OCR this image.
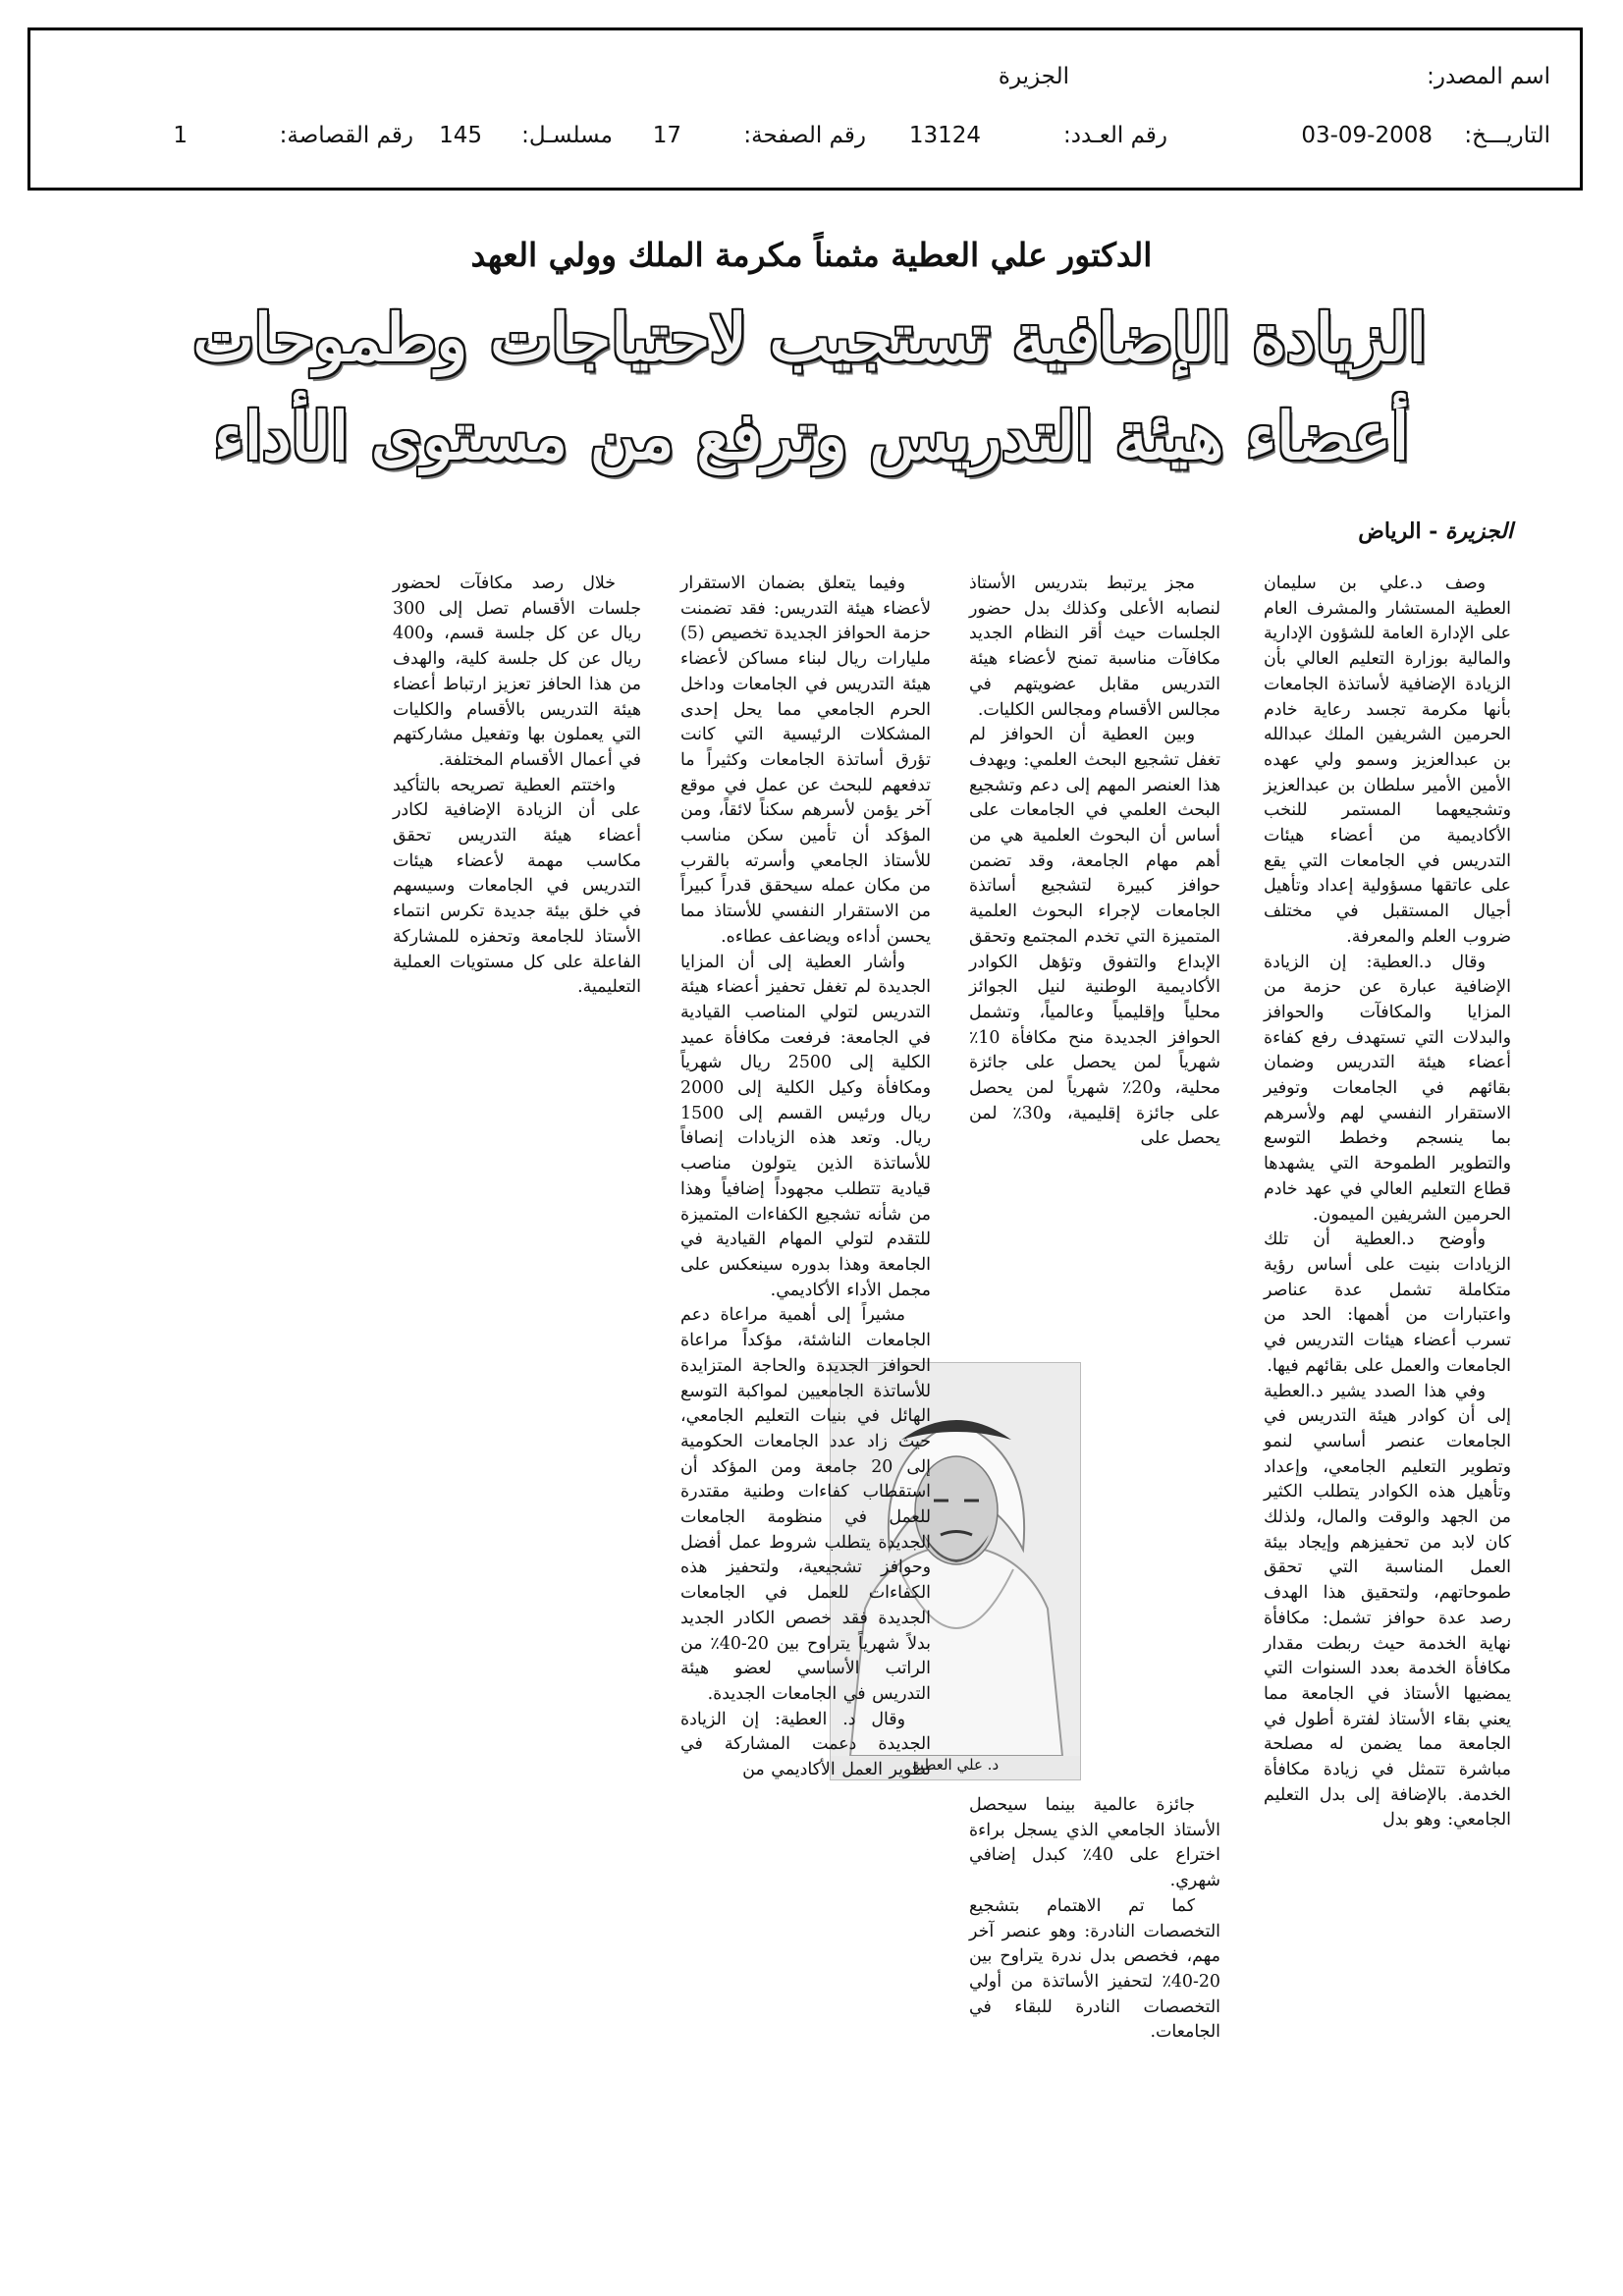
اسم المصدر:
الجزيرة
التاريـــخ:
03-09-2008
رقم العـدد:
13124
رقم الصفحة:
17
مسلسـل:
145
رقم القصاصة:
1
الدكتور علي العطية مثمناً مكرمة الملك وولي العهد
الزيادة الإضافية تستجيب لاحتياجات وطموحات
أعضاء هيئة التدريس وترفع من مستوى الأداء
الجزيرة - الرياض

وصف د.علي بن سليمان العطية المستشار والمشرف العام على الإدارة العامة للشؤون الإدارية والمالية بوزارة التعليم العالي بأن الزيادة الإضافية لأساتذة الجامعات بأنها مكرمة تجسد رعاية خادم الحرمين الشريفين الملك عبدالله بن عبدالعزيز وسمو ولي عهده الأمين الأمير سلطان بن عبدالعزيز وتشجيعهما المستمر للنخب الأكاديمية من أعضاء هيئات التدريس في الجامعات التي يقع على عاتقها مسؤولية إعداد وتأهيل أجيال المستقبل في مختلف ضروب العلم والمعرفة.

وقال د.العطية: إن الزيادة الإضافية عبارة عن حزمة من المزايا والمكافآت والحوافز والبدلات التي تستهدف رفع كفاءة أعضاء هيئة التدريس وضمان بقائهم في الجامعات وتوفير الاستقرار النفسي لهم ولأسرهم بما ينسجم وخطط التوسع والتطوير الطموحة التي يشهدها قطاع التعليم العالي في عهد خادم الحرمين الشريفين الميمون.

وأوضح د.العطية أن تلك الزيادات بنيت على أساس رؤية متكاملة تشمل عدة عناصر واعتبارات من أهمها: الحد من تسرب أعضاء هيئات التدريس في الجامعات والعمل على بقائهم فيها.

وفي هذا الصدد يشير د.العطية إلى أن كوادر هيئة التدريس في الجامعات عنصر أساسي لنمو وتطوير التعليم الجامعي، وإعداد وتأهيل هذه الكوادر يتطلب الكثير من الجهد والوقت والمال، ولذلك كان لابد من تحفيزهم وإيجاد بيئة العمل المناسبة التي تحقق طموحاتهم، ولتحقيق هذا الهدف رصد عدة حوافز تشمل: مكافأة نهاية الخدمة حيث ربطت مقدار مكافأة الخدمة بعدد السنوات التي يمضيها الأستاذ في الجامعة مما يعني بقاء الأستاذ لفترة أطول في الجامعة مما يضمن له مصلحة مباشرة تتمثل في زيادة مكافأة الخدمة. بالإضافة إلى بدل التعليم الجامعي: وهو بدل

مجز يرتبط بتدريس الأستاذ لنصابه الأعلى وكذلك بدل حضور الجلسات حيث أقر النظام الجديد مكافآت مناسبة تمنح لأعضاء هيئة التدريس مقابل عضويتهم في مجالس الأقسام ومجالس الكليات.

وبين العطية أن الحوافز لم تغفل تشجيع البحث العلمي: ويهدف هذا العنصر المهم إلى دعم وتشجيع البحث العلمي في الجامعات على أساس أن البحوث العلمية هي من أهم مهام الجامعة، وقد تضمن حوافز كبيرة لتشجيع أساتذة الجامعات لإجراء البحوث العلمية المتميزة التي تخدم المجتمع وتحقق الإبداع والتفوق وتؤهل الكوادر الأكاديمية الوطنية لنيل الجوائز محلياً وإقليمياً وعالمياً، وتشمل الحوافز الجديدة منح مكافأة 10٪ شهرياً لمن يحصل على جائزة محلية، و20٪ شهرياً لمن يحصل على جائزة إقليمية، و30٪ لمن يحصل على

د. علي العطية

جائزة عالمية بينما سيحصل الأستاذ الجامعي الذي يسجل براءة اختراع على 40٪ كبدل إضافي شهري.

كما تم الاهتمام بتشجيع التخصصات النادرة: وهو عنصر آخر مهم، فخصص بدل ندرة يتراوح بين 20-40٪ لتحفيز الأساتذة من أولي التخصصات النادرة للبقاء في الجامعات.

وفيما يتعلق بضمان الاستقرار لأعضاء هيئة التدريس: فقد تضمنت حزمة الحوافز الجديدة تخصيص (5) مليارات ريال لبناء مساكن لأعضاء هيئة التدريس في الجامعات وداخل الحرم الجامعي مما يحل إحدى المشكلات الرئيسية التي كانت تؤرق أساتذة الجامعات وكثيراً ما تدفعهم للبحث عن عمل في موقع آخر يؤمن لأسرهم سكناً لائقاً، ومن المؤكد أن تأمين سكن مناسب للأستاذ الجامعي وأسرته بالقرب من مكان عمله سيحقق قدراً كبيراً من الاستقرار النفسي للأستاذ مما يحسن أداءه ويضاعف عطاءه.

وأشار العطية إلى أن المزايا الجديدة لم تغفل تحفيز أعضاء هيئة التدريس لتولي المناصب القيادية في الجامعة: فرفعت مكافأة عميد الكلية إلى 2500 ريال شهرياً ومكافأة وكيل الكلية إلى 2000 ريال ورئيس القسم إلى 1500 ريال. وتعد هذه الزيادات إنصافاً للأساتذة الذين يتولون مناصب قيادية تتطلب مجهوداً إضافياً وهذا من شأنه تشجيع الكفاءات المتميزة للتقدم لتولي المهام القيادية في الجامعة وهذا بدوره سينعكس على مجمل الأداء الأكاديمي.

مشيراً إلى أهمية مراعاة دعم الجامعات الناشئة، مؤكداً مراعاة الحوافز الجديدة والحاجة المتزايدة للأساتذة الجامعيين لمواكبة التوسع الهائل في بنيات التعليم الجامعي، حيث زاد عدد الجامعات الحكومية إلى 20 جامعة ومن المؤكد أن استقطاب كفاءات وطنية مقتدرة للعمل في منظومة الجامعات الجديدة يتطلب شروط عمل أفضل وحوافز تشجيعية، ولتحفيز هذه الكفاءات للعمل في الجامعات الجديدة فقد خصص الكادر الجديد بدلاً شهرياً يتراوح بين 20-40٪ من الراتب الأساسي لعضو هيئة التدريس في الجامعات الجديدة.

وقال د. العطية: إن الزيادة الجديدة دعمت المشاركة في تطوير العمل الأكاديمي من

خلال رصد مكافآت لحضور جلسات الأقسام تصل إلى 300 ريال عن كل جلسة قسم، و400 ريال عن كل جلسة كلية، والهدف من هذا الحافز تعزيز ارتباط أعضاء هيئة التدريس بالأقسام والكليات التي يعملون بها وتفعيل مشاركتهم في أعمال الأقسام المختلفة.

واختتم العطية تصريحه بالتأكيد على أن الزيادة الإضافية لكادر أعضاء هيئة التدريس تحقق مكاسب مهمة لأعضاء هيئات التدريس في الجامعات وسيسهم في خلق بيئة جديدة تكرس انتماء الأستاذ للجامعة وتحفزه للمشاركة الفاعلة على كل مستويات العملية التعليمية.
